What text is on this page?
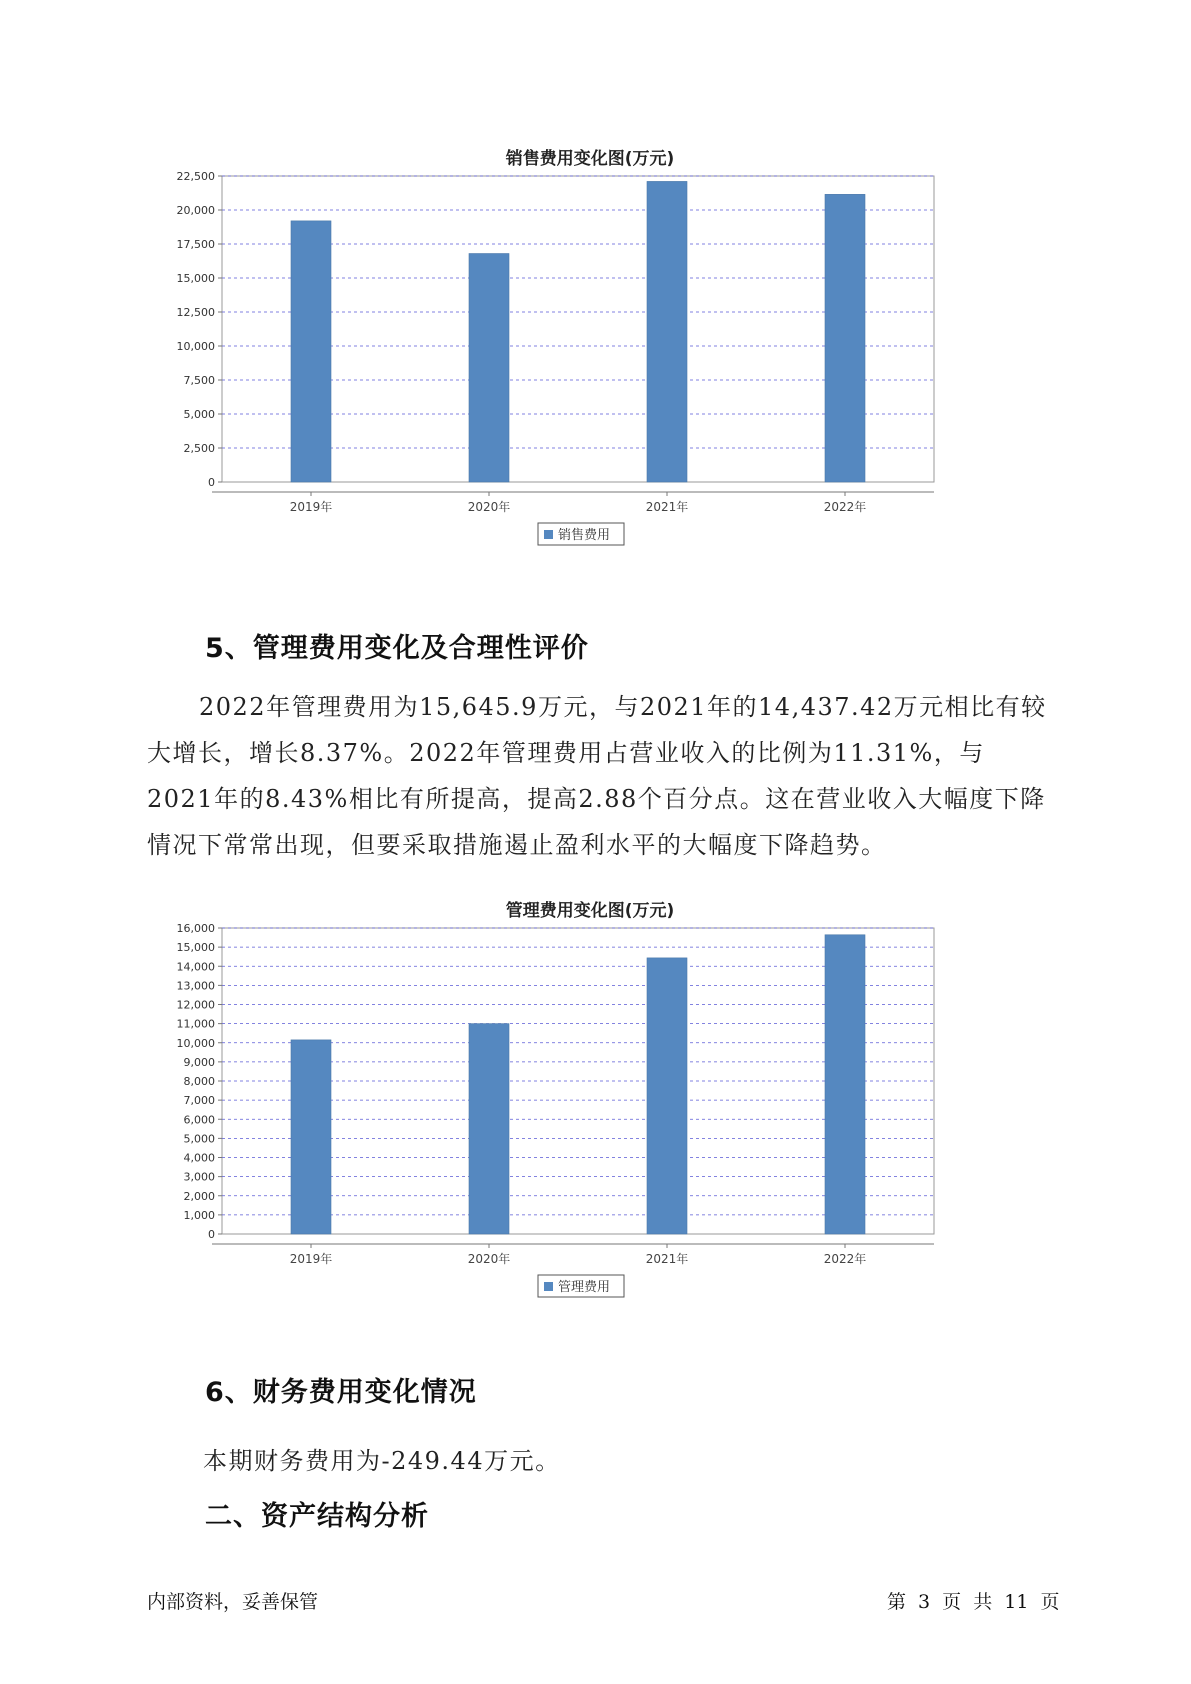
销售费用变化图(万元)
0
2,500
5,000
7,500
10,000
12,500
15,000
17,500
20,000
22,500
2019年	2020年	2021年	2022年
销售费用
5、管理费用变化及合理性评价
2022年管理费用为15,645.9万元，与2021年的14,437.42万元相比有较大增长，增长8.37%。2022年管理费用占营业收入的比例为11.31%，与2021年的8.43%相比有所提高，提高2.88个百分点。这在营业收入大幅度下降情况下常常出现，但要采取措施遏止盈利水平的大幅度下降趋势。
管理费用变化图(万元)
0
1,000
2,000
3,000
4,000
5,000
6,000
7,000
8,000
9,000
10,000
11,000
12,000
13,000
14,000
15,000
16,000
2019年	2020年	2021年	2022年
管理费用
6、财务费用变化情况
本期财务费用为-249.44万元。
二、资产结构分析
内部资料，妥善保管	第 3 页 共 11 页
